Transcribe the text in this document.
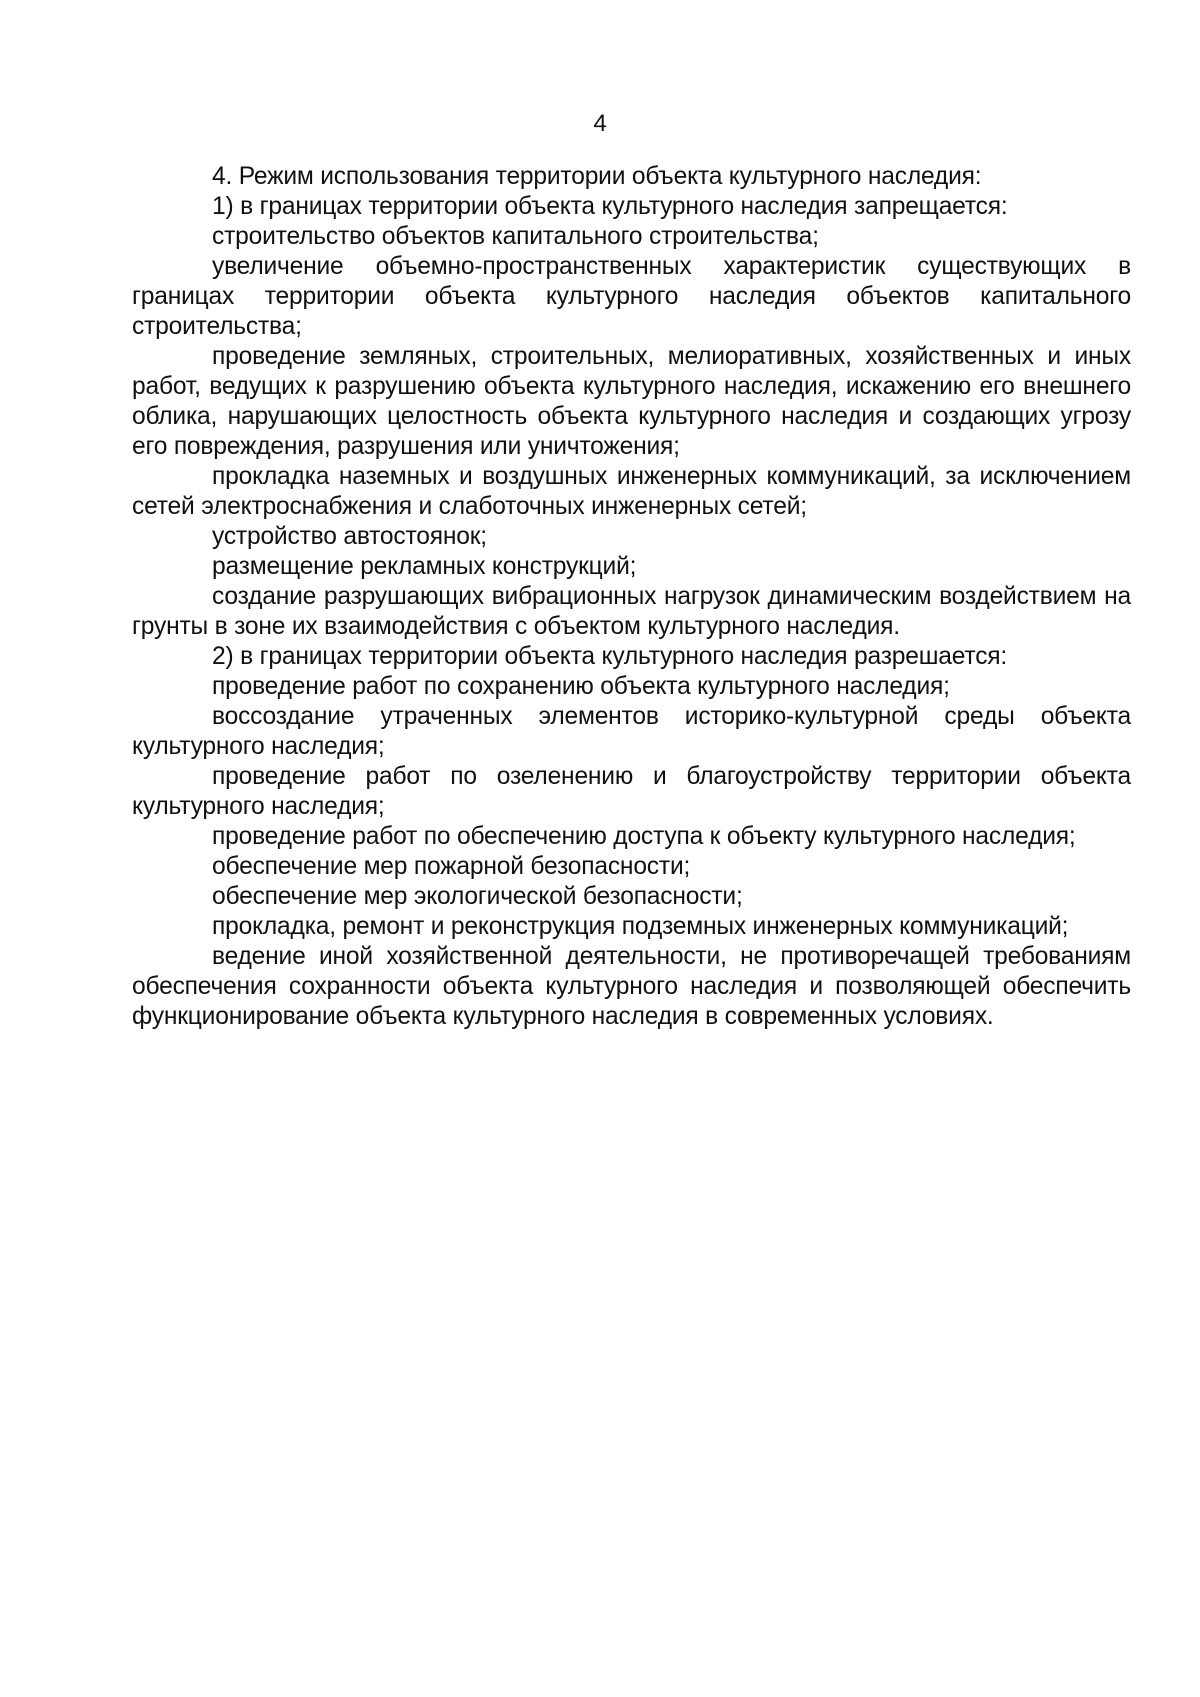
4

4. Режим использования территории объекта культурного наследия:

1) в границах территории объекта культурного наследия запрещается:

строительство объектов капитального строительства;

увеличение объемно-пространственных характеристик существующих в границах территории объекта культурного наследия объектов капитального строительства;

проведение земляных, строительных, мелиоративных, хозяйственных и иных работ, ведущих к разрушению объекта культурного наследия, искажению его внешнего облика, нарушающих целостность объекта культурного наследия и создающих угрозу его повреждения, разрушения или уничтожения;

прокладка наземных и воздушных инженерных коммуникаций, за исключением сетей электроснабжения и слаботочных инженерных сетей;

устройство автостоянок;

размещение рекламных конструкций;

создание разрушающих вибрационных нагрузок динамическим воздействием на грунты в зоне их взаимодействия с объектом культурного наследия.

2) в границах территории объекта культурного наследия разрешается:

проведение работ по сохранению объекта культурного наследия;

воссоздание утраченных элементов историко-культурной среды объекта культурного наследия;

проведение работ по озеленению и благоустройству территории объекта культурного наследия;

проведение работ по обеспечению доступа к объекту культурного наследия;

обеспечение мер пожарной безопасности;

обеспечение мер экологической безопасности;

прокладка, ремонт и реконструкция подземных инженерных коммуникаций;

ведение иной хозяйственной деятельности, не противоречащей требованиям обеспечения сохранности объекта культурного наследия и позволяющей обеспечить функционирование объекта культурного наследия в современных условиях.
